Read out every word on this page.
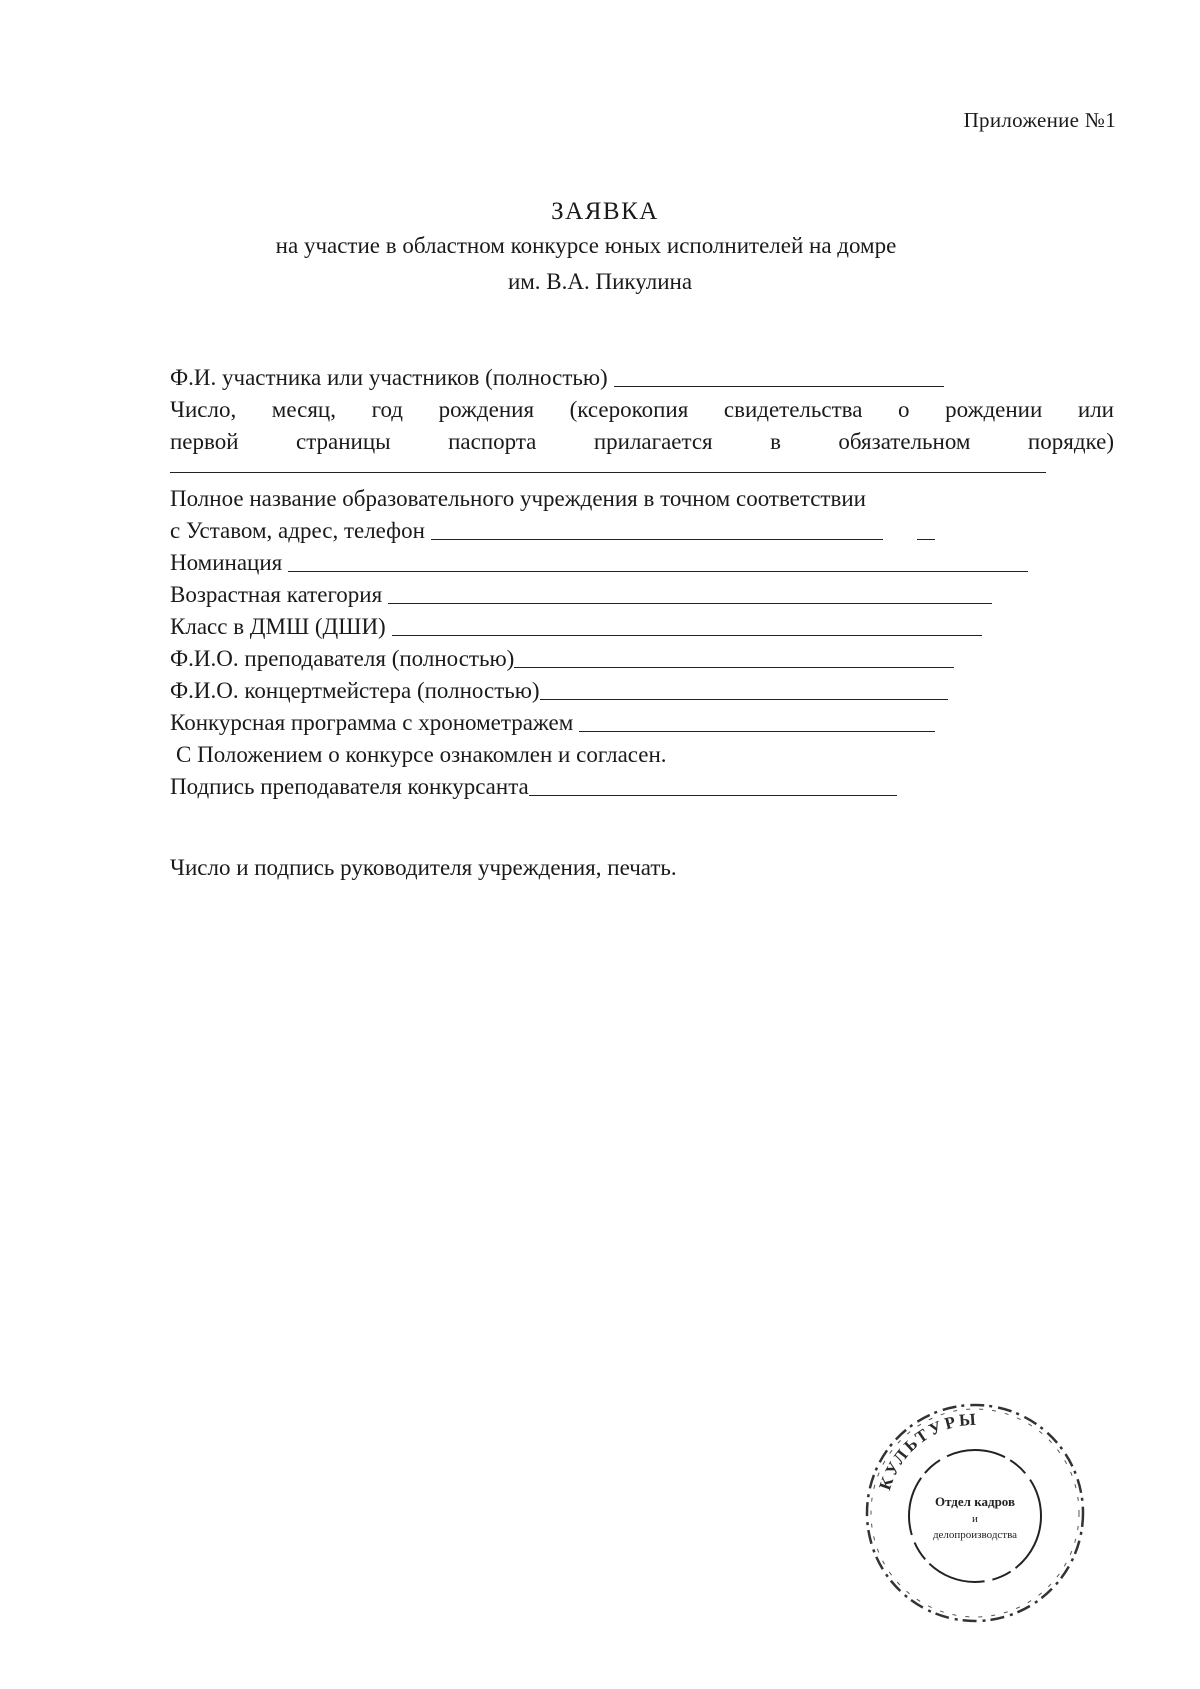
Приложение №1
ЗАЯВКА
на участие в областном конкурсе юных исполнителей на домре
им. В.А. Пикулина
Ф.И. участника или участников (полностью)
Число, месяц, год рождения (ксерокопия свидетельства о рождении или
первой страницы паспорта прилагается в обязательном порядке)
Полное название образовательного учреждения в точном соответствии
с Уставом, адрес, телефон
Номинация
Возрастная категория
Класс в ДМШ (ДШИ)
Ф.И.О. преподавателя (полностью)
Ф.И.О. концертмейстера (полностью)
Конкурсная программа с хронометражем
С Положением о конкурсе ознакомлен и согласен.
Подпись преподавателя конкурсанта
Число и подпись руководителя учреждения, печать.
КУЛЬТУРЫ
Отдел кадров
и
делопроизводства
